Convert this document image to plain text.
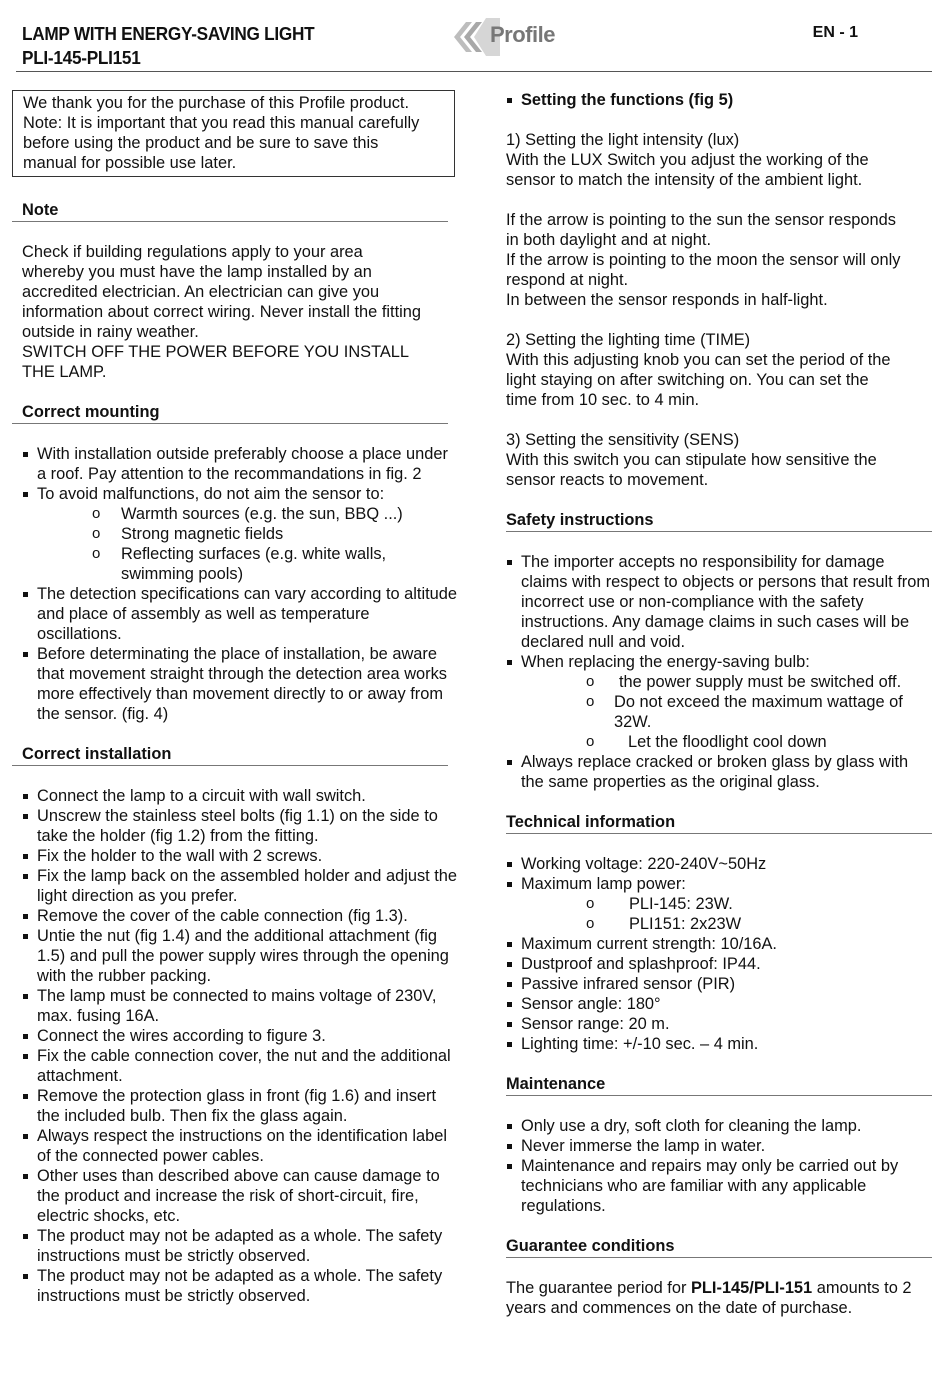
LAMP WITH ENERGY-SAVING LIGHT
PLI-145-PLI151
Profile	EN - 1
We thank you for the purchase of this Profile product.
Note: It is important that you read this manual carefully
before using the product and be sure to save this
manual for possible use later.
Note
Check if building regulations apply to your area
whereby you must have the lamp installed by an
accredited electrician. An electrician can give you
information about correct wiring. Never install the fitting
outside in rainy weather.
SWITCH OFF THE POWER BEFORE YOU INSTALL
THE LAMP.
Correct mounting
With installation outside preferably choose a place under a roof. Pay attention to the recommandations in fig. 2
To avoid malfunctions, do not aim the sensor to:
o Warmth sources (e.g. the sun, BBQ ...)
o Strong magnetic fields
o Reflecting surfaces (e.g. white walls, swimming pools)
The detection specifications can vary according to altitude and place of assembly as well as temperature oscillations.
Before determinating the place of installation, be aware that movement straight through the detection area works more effectively than movement directly to or away from the sensor. (fig. 4)
Correct installation
Connect the lamp to a circuit with wall switch.
Unscrew the stainless steel bolts (fig 1.1) on the side to take the holder (fig 1.2) from the fitting.
Fix the holder to the wall with 2 screws.
Fix the lamp back on the assembled holder and adjust the light direction as you prefer.
Remove the cover of the cable connection (fig 1.3).
Untie the nut (fig 1.4) and the additional attachment (fig 1.5) and pull the power supply wires through the opening with the rubber packing.
The lamp must be connected to mains voltage of 230V, max. fusing 16A.
Connect the wires according to figure 3.
Fix the cable connection cover, the nut and the additional attachment.
Remove the protection glass in front (fig 1.6) and insert the included bulb. Then fix the glass again.
Always respect the instructions on the identification label of the connected power cables.
Other uses than described above can cause damage to the product and increase the risk of short-circuit, fire, electric shocks, etc.
The product may not be adapted as a whole. The safety instructions must be strictly observed.
The product may not be adapted as a whole. The safety instructions must be strictly observed.
Setting the functions (fig 5)
1) Setting the light intensity (lux)
With the LUX Switch you adjust the working of the
sensor to match the intensity of the ambient light.
If the arrow is pointing to the sun the sensor responds
in both daylight and at night.
If the arrow is pointing to the moon the sensor will only
respond at night.
In between the sensor responds in half-light.
2) Setting the lighting time (TIME)
With this adjusting knob you can set the period of the
light staying on after switching on. You can set the
time from 10 sec. to 4 min.
3) Setting the sensitivity (SENS)
With this switch you can stipulate how sensitive the
sensor reacts to movement.
Safety instructions
The importer accepts no responsibility for damage claims with respect to objects or persons that result from incorrect use or non-compliance with the safety instructions. Any damage claims in such cases will be declared null and void.
When replacing the energy-saving bulb:
o the power supply must be switched off.
o Do not exceed the maximum wattage of 32W.
o Let the floodlight cool down
Always replace cracked or broken glass by glass with the same properties as the original glass.
Technical information
Working voltage: 220-240V~50Hz
Maximum lamp power:
o PLI-145: 23W.
o PLI151: 2x23W
Maximum current strength: 10/16A.
Dustproof and splashproof: IP44.
Passive infrared sensor (PIR)
Sensor angle: 180°
Sensor range: 20 m.
Lighting time: +/-10 sec. – 4 min.
Maintenance
Only use a dry, soft cloth for cleaning the lamp.
Never immerse the lamp in water.
Maintenance and repairs may only be carried out by technicians who are familiar with any applicable regulations.
Guarantee conditions
The guarantee period for PLI-145/PLI-151 amounts to 2 years and commences on the date of purchase.
